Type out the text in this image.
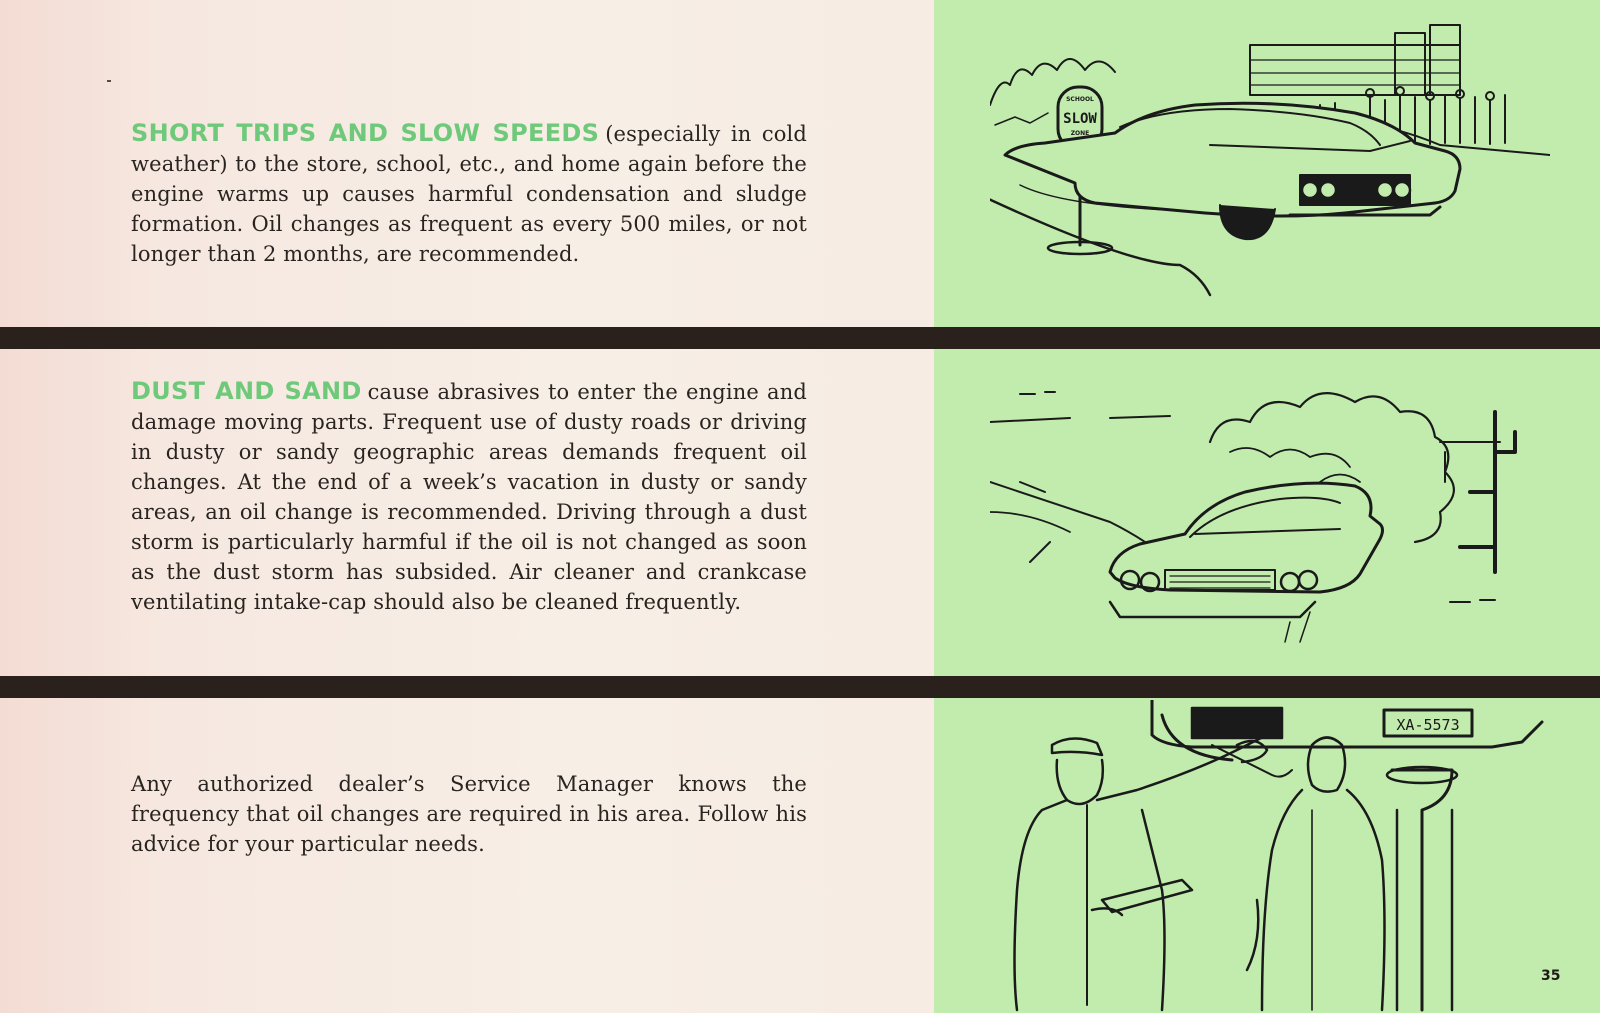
SHORT TRIPS AND SLOW SPEEDS (especially in cold weather) to the store, school, etc., and home again before the engine warms up causes harmful condensation and sludge formation. Oil changes as frequent as every 500 miles, or not longer than 2 months, are recommended.
DUST AND SAND cause abrasives to enter the engine and damage moving parts. Frequent use of dusty roads or driving in dusty or sandy geographic areas demands frequent oil changes. At the end of a week’s vacation in dusty or sandy areas, an oil change is recommended. Driving through a dust storm is particularly harmful if the oil is not changed as soon as the dust storm has subsided. Air cleaner and crankcase ventilating intake-cap should also be cleaned frequently.
Any authorized dealer’s Service Manager knows the frequency that oil changes are required in his area. Follow his advice for your particular needs.
SCHOOL
SLOW
ZONE
XA-5573
35
